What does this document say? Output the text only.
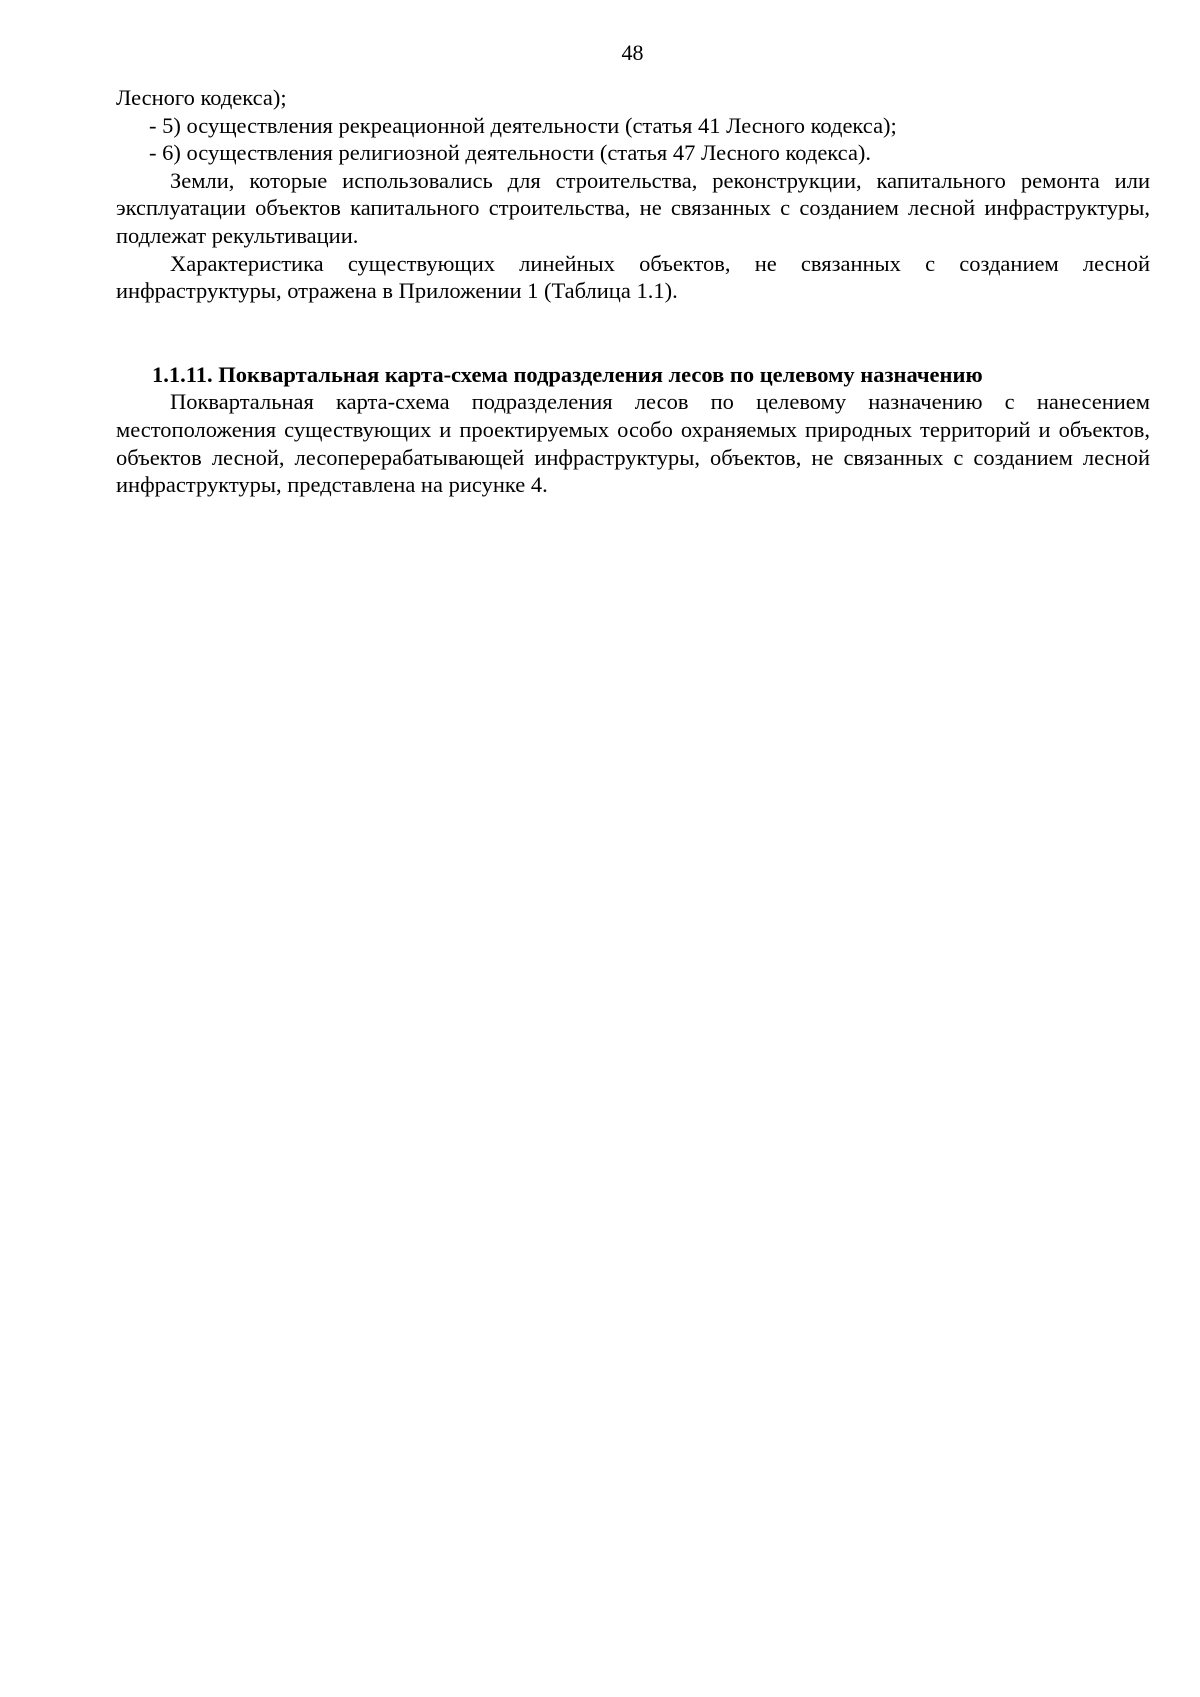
48

Лесного кодекса);

- 5) осуществления рекреационной деятельности (статья 41 Лесного кодекса);

- 6) осуществления религиозной деятельности (статья 47 Лесного кодекса).

Земли, которые использовались для строительства, реконструкции, капитального ремонта или эксплуатации объектов капитального строительства, не связанных с созданием лесной инфраструктуры, подлежат рекультивации.

Характеристика существующих линейных объектов, не связанных с созданием лесной инфраструктуры, отражена в Приложении 1 (Таблица 1.1).

1.1.11. Поквартальная карта-схема подразделения лесов по целевому назначению

Поквартальная карта-схема подразделения лесов по целевому назначению с нанесением местоположения существующих и проектируемых особо охраняемых природных территорий и объектов, объектов лесной, лесоперерабатывающей инфраструктуры, объектов, не связанных с созданием лесной инфраструктуры, представлена на рисунке 4.
